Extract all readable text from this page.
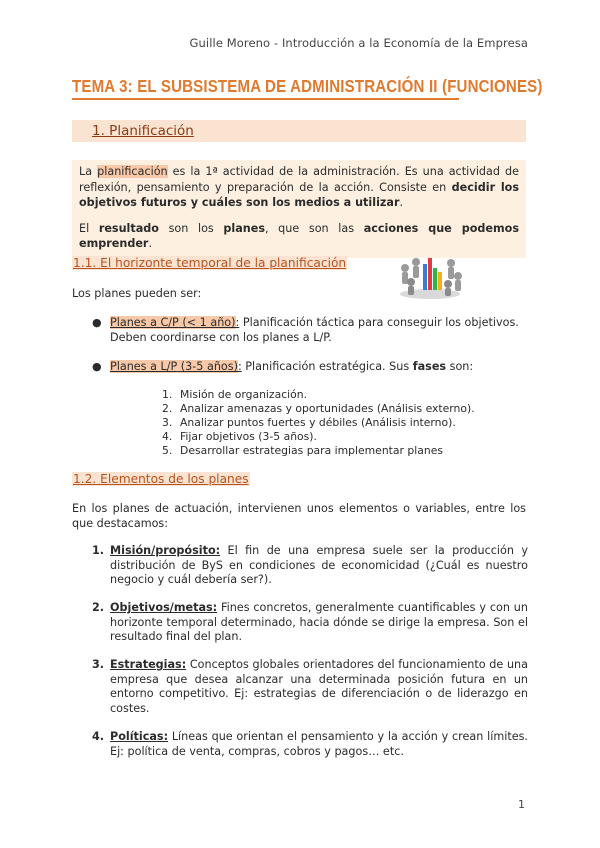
Guille Moreno - Introducción a la Economía de la Empresa
TEMA 3: EL SUBSISTEMA DE ADMINISTRACIÓN II (FUNCIONES)
1. Planificación

La planificación es la 1ª actividad de la administración. Es una actividad de reflexión, pensamiento y preparación de la acción. Consiste en decidir los objetivos futuros y cuáles son los medios a utilizar.

El resultado son los planes, que son las acciones que podemos emprender.

1.1. El horizonte temporal de la planificación
Los planes pueden ser:
● Planes a C/P (< 1 año): Planificación táctica para conseguir los objetivos. Deben coordinarse con los planes a L/P.
● Planes a L/P (3-5 años): Planificación estratégica. Sus fases son:
1. Misión de organización.
2. Analizar amenazas y oportunidades (Análisis externo).
3. Analizar puntos fuertes y débiles (Análisis interno).
4. Fijar objetivos (3-5 años).
5. Desarrollar estrategias para implementar planes
1.2. Elementos de los planes
En los planes de actuación, intervienen unos elementos o variables, entre los que destacamos:
1. Misión/propósito: El fin de una empresa suele ser la producción y distribución de ByS en condiciones de economicidad (¿Cuál es nuestro negocio y cuál debería ser?).
2. Objetivos/metas: Fines concretos, generalmente cuantificables y con un horizonte temporal determinado, hacia dónde se dirige la empresa. Son el resultado final del plan.
3. Estrategias: Conceptos globales orientadores del funcionamiento de una empresa que desea alcanzar una determinada posición futura en un entorno competitivo. Ej: estrategias de diferenciación o de liderazgo en costes.
4. Políticas: Líneas que orientan el pensamiento y la acción y crean límites. Ej: política de venta, compras, cobros y pagos… etc.
1
